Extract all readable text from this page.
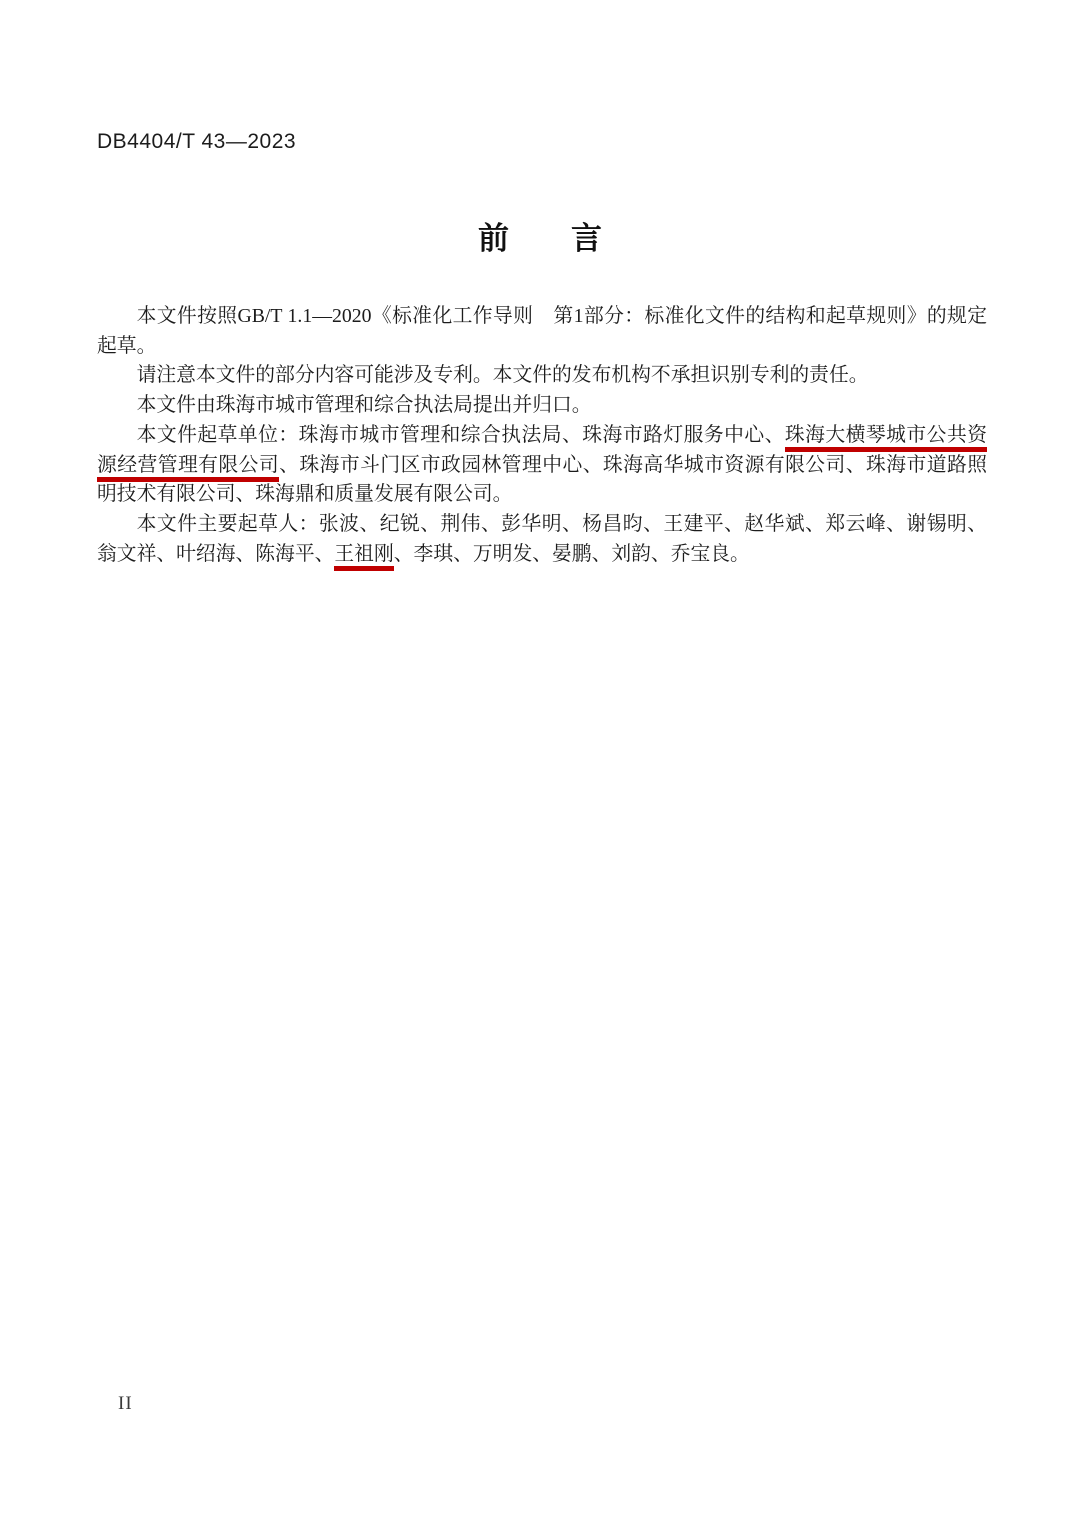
DB4404/T 43—2023
前　　言

本文件按照GB/T 1.1—2020《标准化工作导则　第1部分：标准化文件的结构和起草规则》的规定起草。

请注意本文件的部分内容可能涉及专利。本文件的发布机构不承担识别专利的责任。

本文件由珠海市城市管理和综合执法局提出并归口。

本文件起草单位：珠海市城市管理和综合执法局、珠海市路灯服务中心、珠海大横琴城市公共资源经营管理有限公司、珠海市斗门区市政园林管理中心、珠海高华城市资源有限公司、珠海市道路照明技术有限公司、珠海鼎和质量发展有限公司。

本文件主要起草人：张波、纪锐、荆伟、彭华明、杨昌昀、王建平、赵华斌、郑云峰、谢锡明、翁文祥、叶绍海、陈海平、王祖刚、李琪、万明发、晏鹏、刘韵、乔宝良。

II
